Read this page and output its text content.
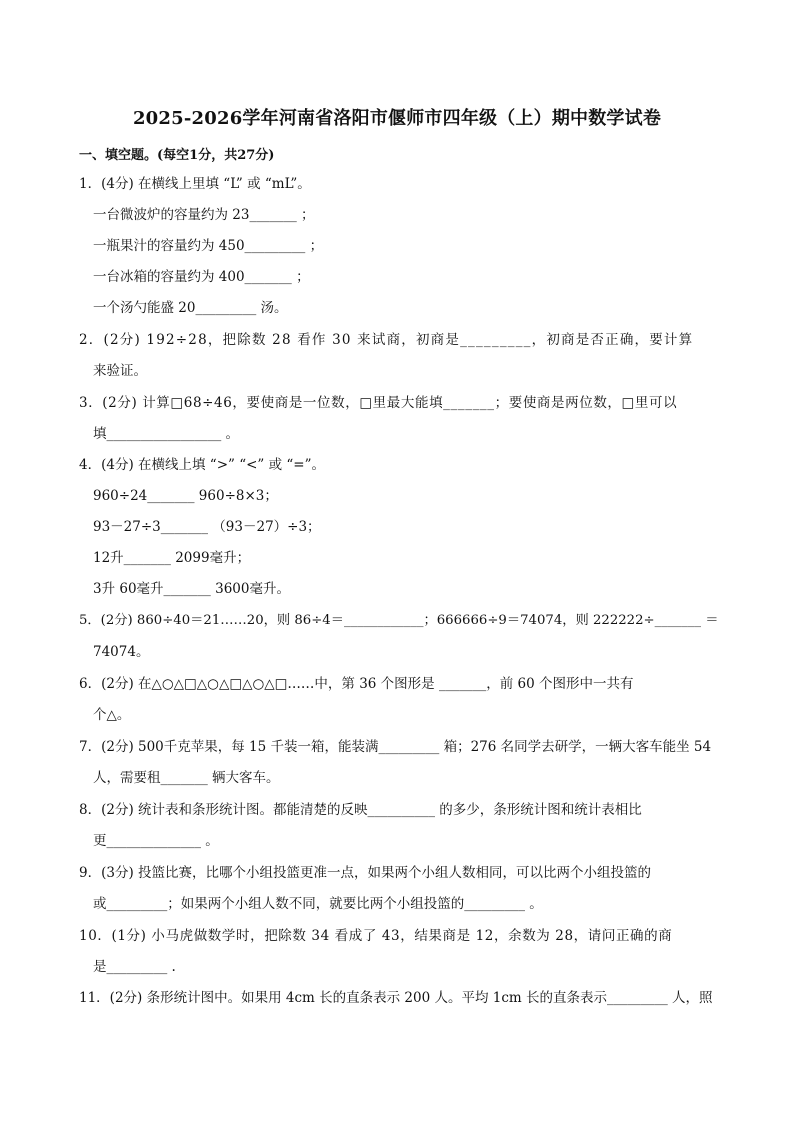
2025-2026学年河南省洛阳市偃师市四年级（上）期中数学试卷
一、填空题。(每空1分，共27分)
1．(4分) 在横线上里填 “L” 或 “mL”。
一台微波炉的容量约为 23_______ ；
一瓶果汁的容量约为 450_________ ；
一台冰箱的容量约为 400_______ ；
一个汤勺能盛 20_________ 汤。
2．(2分) 192÷28，把除数 28 看作 30 来试商，初商是_________，初商是否正确，要计算
来验证。
3．(2分) 计算□68÷46，要使商是一位数，□里最大能填_______；要使商是两位数，□里可以
填_________________ 。
4．(4分) 在横线上填 “>” “<” 或 “=”。
960÷24_______ 960÷8×3；
93－27÷3_______ （93－27）÷3；
12升_______ 2099毫升；
3升 60毫升_______ 3600毫升。
5．(2分) 860÷40＝21……20，则 86÷4＝____________；666666÷9＝74074，则 222222÷_______ ＝
74074。
6．(2分) 在△○△□△○△□△○△□……中，第 36 个图形是 _______，前 60 个图形中一共有
个△。
7．(2分) 500千克苹果，每 15 千装一箱，能装满_________ 箱；276 名同学去研学，一辆大客车能坐 54
人，需要租_______ 辆大客车。
8．(2分) 统计表和条形统计图。都能清楚的反映__________ 的多少，条形统计图和统计表相比
更______________ 。
9．(3分) 投篮比赛，比哪个小组投篮更准一点，如果两个小组人数相同，可以比两个小组投篮的
或_________；如果两个小组人数不同，就要比两个小组投篮的_________ 。
10．(1分) 小马虎做数学时，把除数 34 看成了 43，结果商是 12，余数为 28，请问正确的商
是_________ .
11．(2分) 条形统计图中。如果用 4cm 长的直条表示 200 人。平均 1cm 长的直条表示_________ 人，照
